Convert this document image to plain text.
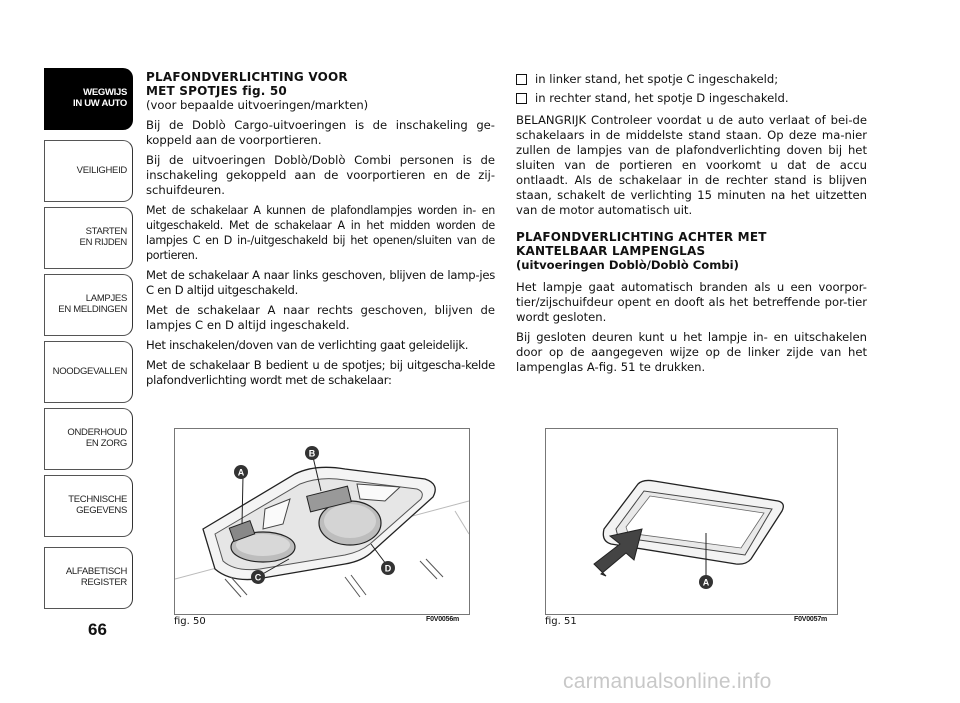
WEGWIJS
IN UW AUTO
VEILIGHEID
STARTEN
EN RIJDEN
LAMPJES
EN MELDINGEN
NOODGEVALLEN
ONDERHOUD
EN ZORG
TECHNISCHE
GEGEVENS
ALFABETISCH
REGISTER
66
PLAFONDVERLICHTING VOOR
MET SPOTJES fig. 50
(voor bepaalde uitvoeringen/markten)

Bij de Doblò Cargo-uitvoeringen is de inschakeling ge-koppeld aan de voorportieren.

Bij de uitvoeringen Doblò/Doblò Combi personen is de inschakeling gekoppeld aan de voorportieren en de zij-schuifdeuren.

Met de schakelaar A kunnen de plafondlampjes worden in- en uitgeschakeld. Met de schakelaar A in het midden worden de lampjes C en D in-/uitgeschakeld bij het openen/sluiten van de portieren.

Met de schakelaar A naar links geschoven, blijven de lamp-jes C en D altijd uitgeschakeld.

Met de schakelaar A naar rechts geschoven, blijven de lampjes C en D altijd ingeschakeld.

Het inschakelen/doven van de verlichting gaat geleidelijk.

Met de schakelaar B bedient u de spotjes; bij uitgescha-kelde plafondverlichting wordt met de schakelaar:

in linker stand, het spotje C ingeschakeld;
in rechter stand, het spotje D ingeschakeld.

BELANGRIJK Controleer voordat u de auto verlaat of bei-de schakelaars in de middelste stand staan. Op deze ma-nier zullen de lampjes van de plafondverlichting doven bij het sluiten van de portieren en voorkomt u dat de accu ontlaadt. Als de schakelaar in de rechter stand is blijven staan, schakelt de verlichting 15 minuten na het uitzetten van de motor automatisch uit.

PLAFONDVERLICHTING ACHTER MET
KANTELBAAR LAMPENGLAS
(uitvoeringen Doblò/Doblò Combi)

Het lampje gaat automatisch branden als u een voorpor-tier/zijschuifdeur opent en dooft als het betreffende por-tier wordt gesloten.

Bij gesloten deuren kunt u het lampje in- en uitschakelen door op de aangegeven wijze op de linker zijde van het lampenglas A-fig. 51 te drukken.

A
B
C
D
fig. 50	F0V0056m
A
fig. 51	F0V0057m
carmanualsonline.info
